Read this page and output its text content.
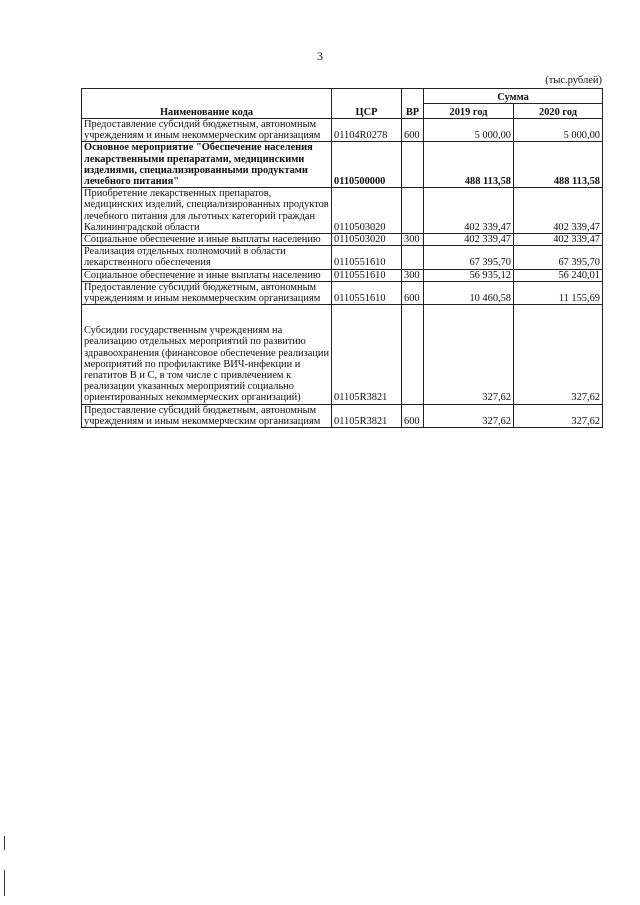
3
(тыс.рублей)
Наименование кода	ЦСР	ВР	Сумма	
			2019 год	2020 год
Предоставление субсидий бюджетным, автономным учреждениям и иным некоммерческим организациям	01104R0278	600	5 000,00	5 000,00
Основное мероприятие "Обеспечение населения лекарственными препаратами, медицинскими изделиями, специализированными продуктами лечебного питания"	0110500000		488 113,58	488 113,58
Приобретение лекарственных препаратов, медицинских изделий, специализированных продуктов лечебного питания для льготных категорий граждан Калининградской области	0110503020		402 339,47	402 339,47
Социальное обеспечение и иные выплаты населению	0110503020	300	402 339,47	402 339,47
Реализация отдельных полномочий в области лекарственного обеспечения	0110551610		67 395,70	67 395,70
Социальное обеспечение и иные выплаты населению	0110551610	300	56 935,12	56 240,01
Предоставление субсидий бюджетным, автономным учреждениям и иным некоммерческим организациям	0110551610	600	10 460,58	11 155,69
Субсидии государственным учреждениям на реализацию отдельных мероприятий по развитию здравоохранения (финансовое обеспечение реализации мероприятий по профилактике ВИЧ-инфекции и гепатитов B и C, в том числе с привлечением к реализации указанных мероприятий социально ориентированных некоммерческих организаций)	01105R3821		327,62	327,62
Предоставление субсидий бюджетным, автономным учреждениям и иным некоммерческим организациям	01105R3821	600	327,62	327,62
